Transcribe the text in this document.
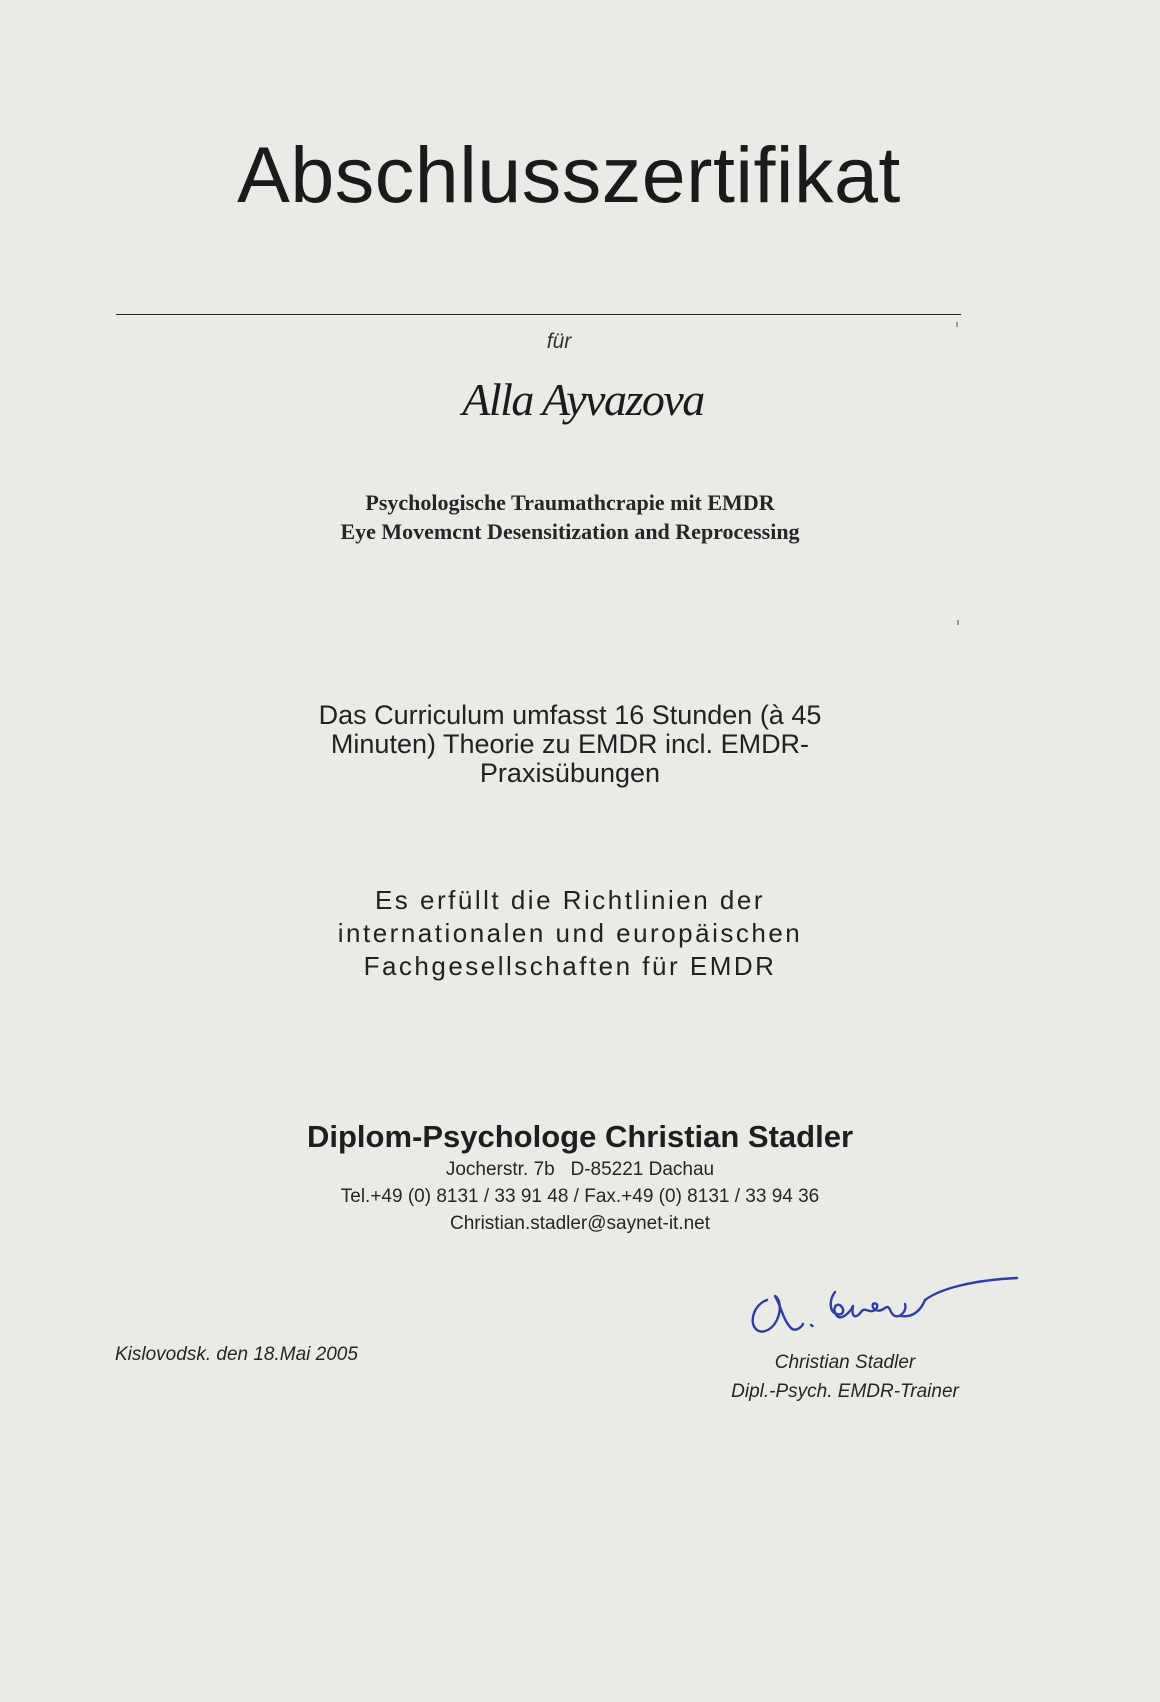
Abschlusszertifikat
für
Alla Ayvazova
Psychologische Traumathcrapie mit EMDR
Eye Movemcnt Desensitization and Reprocessing
Das Curriculum umfasst 16 Stunden (à 45
Minuten) Theorie zu EMDR incl. EMDR-
Praxisübungen
Es erfüllt die Richtlinien der
internationalen und europäischen
Fachgesellschaften für EMDR
Diplom-Psychologe Christian Stadler
Jocherstr. 7b   D-85221 Dachau
Tel.+49 (0) 8131 / 33 91 48 / Fax.+49 (0) 8131 / 33 94 36
Christian.stadler@saynet-it.net
Kislovodsk. den 18.Mai 2005	Christian Stadler
Dipl.-Psych. EMDR-Trainer
